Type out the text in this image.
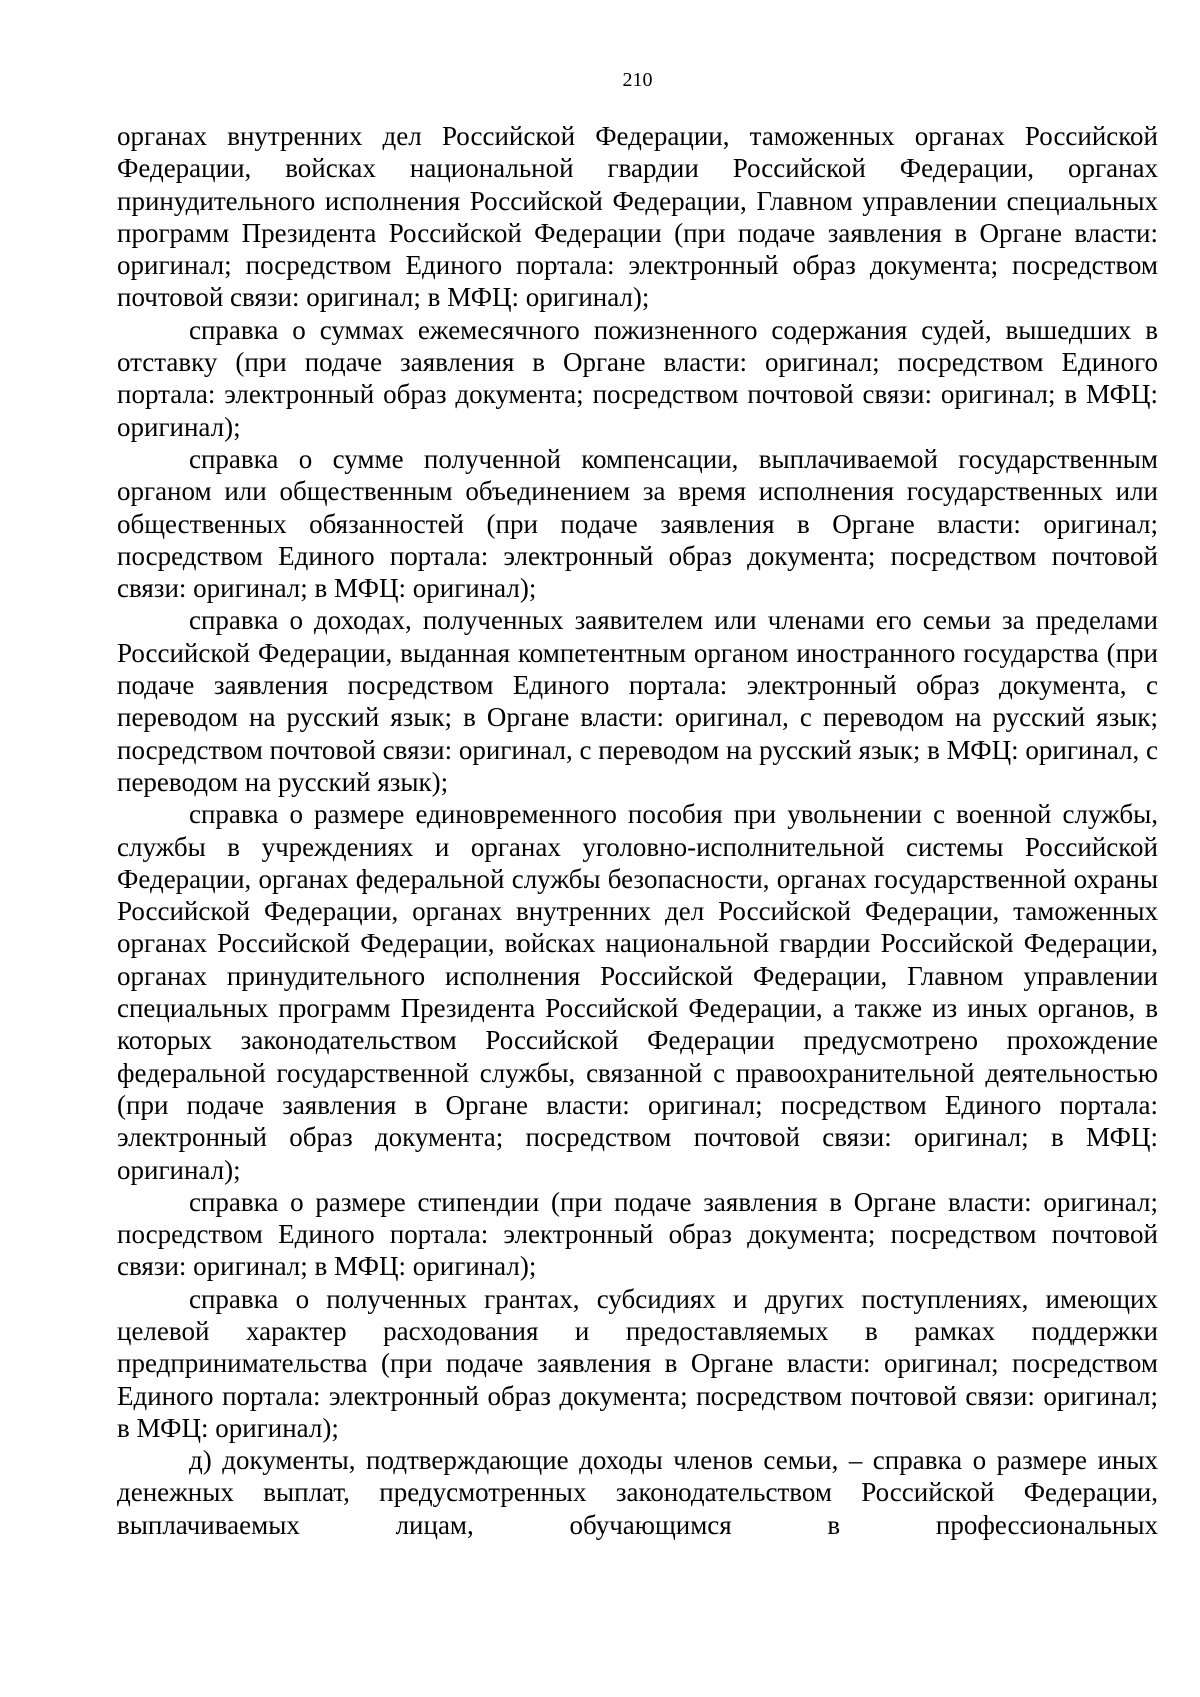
210

органах внутренних дел Российской Федерации, таможенных органах Российской Федерации, войсках национальной гвардии Российской Федерации, органах принудительного исполнения Российской Федерации, Главном управлении специальных программ Президента Российской Федерации (при подаче заявления в Органе власти: оригинал; посредством Единого портала: электронный образ документа; посредством почтовой связи: оригинал; в МФЦ: оригинал);

справка о суммах ежемесячного пожизненного содержания судей, вышедших в отставку (при подаче заявления в Органе власти: оригинал; посредством Единого портала: электронный образ документа; посредством почтовой связи: оригинал; в МФЦ: оригинал);

справка о сумме полученной компенсации, выплачиваемой государственным органом или общественным объединением за время исполнения государственных или общественных обязанностей (при подаче заявления в Органе власти: оригинал; посредством Единого портала: электронный образ документа; посредством почтовой связи: оригинал; в МФЦ: оригинал);

справка о доходах, полученных заявителем или членами его семьи за пределами Российской Федерации, выданная компетентным органом иностранного государства (при подаче заявления посредством Единого портала: электронный образ документа, с переводом на русский язык; в Органе власти: оригинал, с переводом на русский язык; посредством почтовой связи: оригинал, с переводом на русский язык; в МФЦ: оригинал, с переводом на русский язык);

справка о размере единовременного пособия при увольнении с военной службы, службы в учреждениях и органах уголовно-исполнительной системы Российской Федерации, органах федеральной службы безопасности, органах государственной охраны Российской Федерации, органах внутренних дел Российской Федерации, таможенных органах Российской Федерации, войсках национальной гвардии Российской Федерации, органах принудительного исполнения Российской Федерации, Главном управлении специальных программ Президента Российской Федерации, а также из иных органов, в которых законодательством Российской Федерации предусмотрено прохождение федеральной государственной службы, связанной с правоохранительной деятельностью (при подаче заявления в Органе власти: оригинал; посредством Единого портала: электронный образ документа; посредством почтовой связи: оригинал; в МФЦ: оригинал);

справка о размере стипендии (при подаче заявления в Органе власти: оригинал; посредством Единого портала: электронный образ документа; посредством почтовой связи: оригинал; в МФЦ: оригинал);

справка о полученных грантах, субсидиях и других поступлениях, имеющих целевой характер расходования и предоставляемых в рамках поддержки предпринимательства (при подаче заявления в Органе власти: оригинал; посредством Единого портала: электронный образ документа; посредством почтовой связи: оригинал; в МФЦ: оригинал);

д) документы, подтверждающие доходы членов семьи, – справка о размере иных денежных выплат, предусмотренных законодательством Российской Федерации, выплачиваемых лицам, обучающимся в профессиональных
